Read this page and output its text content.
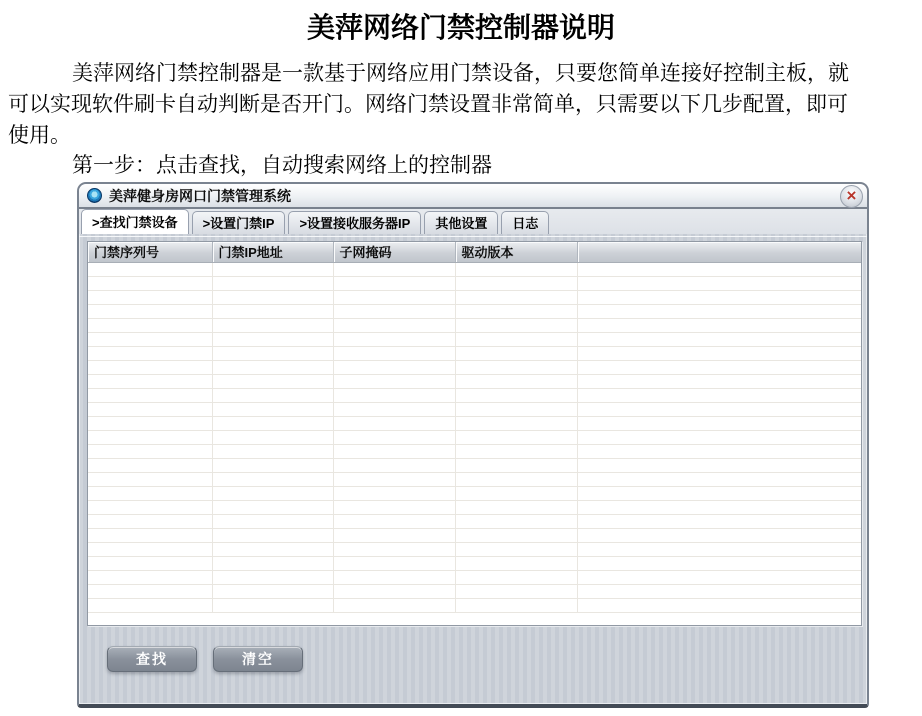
美萍网络门禁控制器说明
美萍网络门禁控制器是一款基于网络应用门禁设备，只要您简单连接好控制主板，就
可以实现软件刷卡自动判断是否开门。网络门禁设置非常简单，只需要以下几步配置，即可
使用。

第一步：点击查找，自动搜索网络上的控制器

美萍健身房网口门禁管理系统	×
>查找门禁设备	>设置门禁IP	>设置接收服务器IP	其他设置	日志
门禁序列号	门禁IP地址	子网掩码	驱动版本	

查找	清空
